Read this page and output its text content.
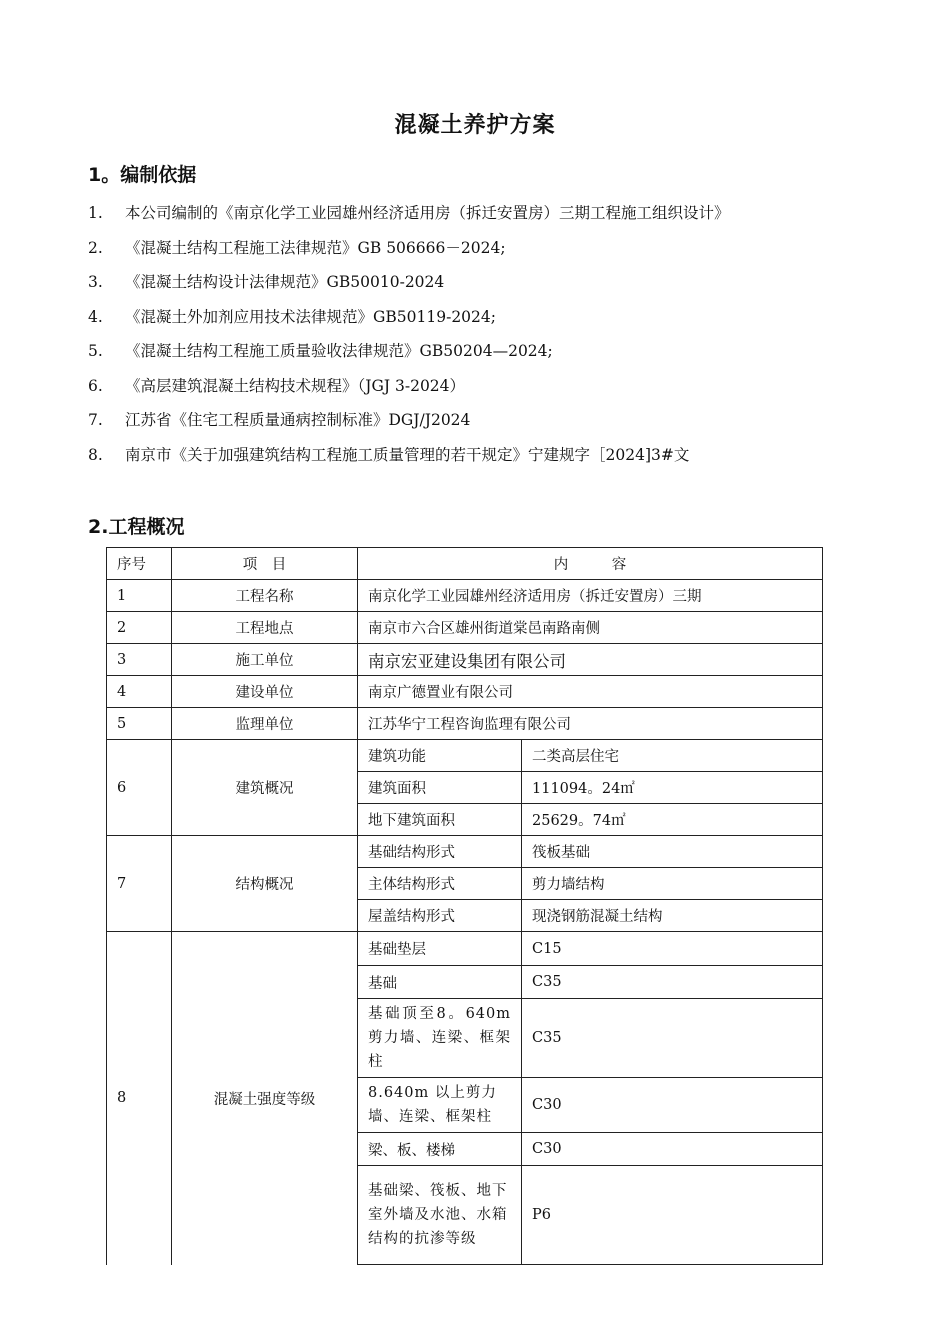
混凝土养护方案
1。编制依据
1.	本公司编制的《南京化学工业园雄州经济适用房（拆迁安置房）三期工程施工组织设计》
2.	《混凝土结构工程施工法律规范》GB 506666－2024;
3.	《混凝土结构设计法律规范》GB50010-2024
4.	《混凝土外加剂应用技术法律规范》GB50119-2024;
5.	《混凝土结构工程施工质量验收法律规范》GB50204—2024;
6.	《高层建筑混凝土结构技术规程》（JGJ 3-2024）
7.	江苏省《住宅工程质量通病控制标准》DGJ/J2024
8.	南京市《关于加强建筑结构工程施工质量管理的若干规定》宁建规字［2024]3#文
2.工程概况
序号	项　目	内　　　容	
1	工程名称	南京化学工业园雄州经济适用房（拆迁安置房）三期	
2	工程地点	南京市六合区雄州街道棠邑南路南侧	
3	施工单位	南京宏亚建设集团有限公司	
4	建设单位	南京广德置业有限公司	
5	监理单位	江苏华宁工程咨询监理有限公司	
6	建筑概况	建筑功能	二类高层住宅
		建筑面积	111094。24㎡
		地下建筑面积	25629。74㎡
7	结构概况	基础结构形式	筏板基础
		主体结构形式	剪力墙结构
		屋盖结构形式	现浇钢筋混凝土结构
8	混凝土强度等级	基础垫层	C15
		基础	C35
		基础顶至8。640m剪力墙、连梁、框架柱	C35
		8.640m 以上剪力墙、连梁、框架柱	C30
		梁、板、楼梯	C30
		基础梁、筏板、地下室外墙及水池、水箱结构的抗渗等级	P6
